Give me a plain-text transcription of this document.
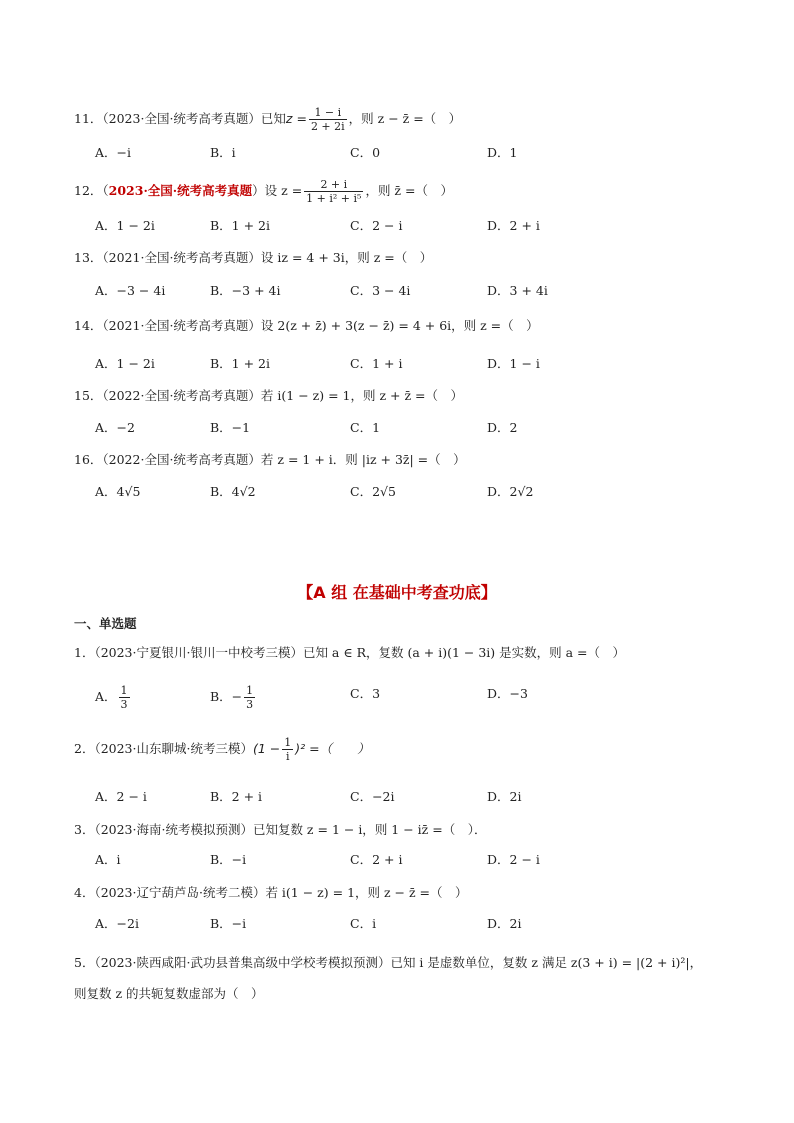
11．（2023·全国·统考高考真题）已知$z = \frac{1 - i}{2 + 2i}$ ，则 z − z̄ =（　）
A．−i	B．i	C．0	D．1
12．（2023·全国·统考高考真题）设 $z = \frac{2 + i}{\text{1 + i² + i⁵}}$ ，则 z̄ =（　）
A．1 − 2i	B．1 + 2i	C．2 − i	D．2 + i
13．（2021·全国·统考高考真题）设 iz = 4 + 3i，则 z =（　）
A．−3 − 4i	B．−3 + 4i	C．3 − 4i	D．3 + 4i
14．（2021·全国·统考高考真题）设 2(z + z̄) + 3(z − z̄) = 4 + 6i，则 z =（　）
A．1 − 2i	B．1 + 2i	C．1 + i	D．1 − i
15．（2022·全国·统考高考真题）若 i(1 − z) = 1，则 z + z̄ =（　）
A．−2	B．−1	C．1	D．2
16．（2022·全国·统考高考真题）若 z = 1 + i．则 |iz + 3z̄| =（　）
A．4√5	B．4√2	C．2√5	D．2√2
【A 组 在基础中考查功底】
一、单选题
1．（2023·宁夏银川·银川一中校考三模）已知 a ∈ R，复数 (a + i)(1 − 3i) 是实数，则 a =（　）
A． $\frac{1}{3}$	B．− $\frac{1}{3}$	C．3	D．−3
2．（2023·山东聊城·统考三模）$(1 - \frac{1}{i} )^2$ =（　　）
A．2 − i	B．2 + i	C．−2i	D．2i
3．（2023·海南·统考模拟预测）已知复数 z = 1 − i，则 1 − iz̄ =（　）．
A．i	B．−i	C．2 + i	D．2 − i
4．（2023·辽宁葫芦岛·统考二模）若 i(1 − z) = 1，则 z − z̄ =（　）
A．−2i	B．−i	C．i	D．2i
5．（2023·陕西咸阳·武功县普集高级中学校考模拟预测）已知 i 是虚数单位，复数 z 满足 z(3 + i) = |(2 + i)²|，
则复数 z 的共轭复数虚部为（　）
